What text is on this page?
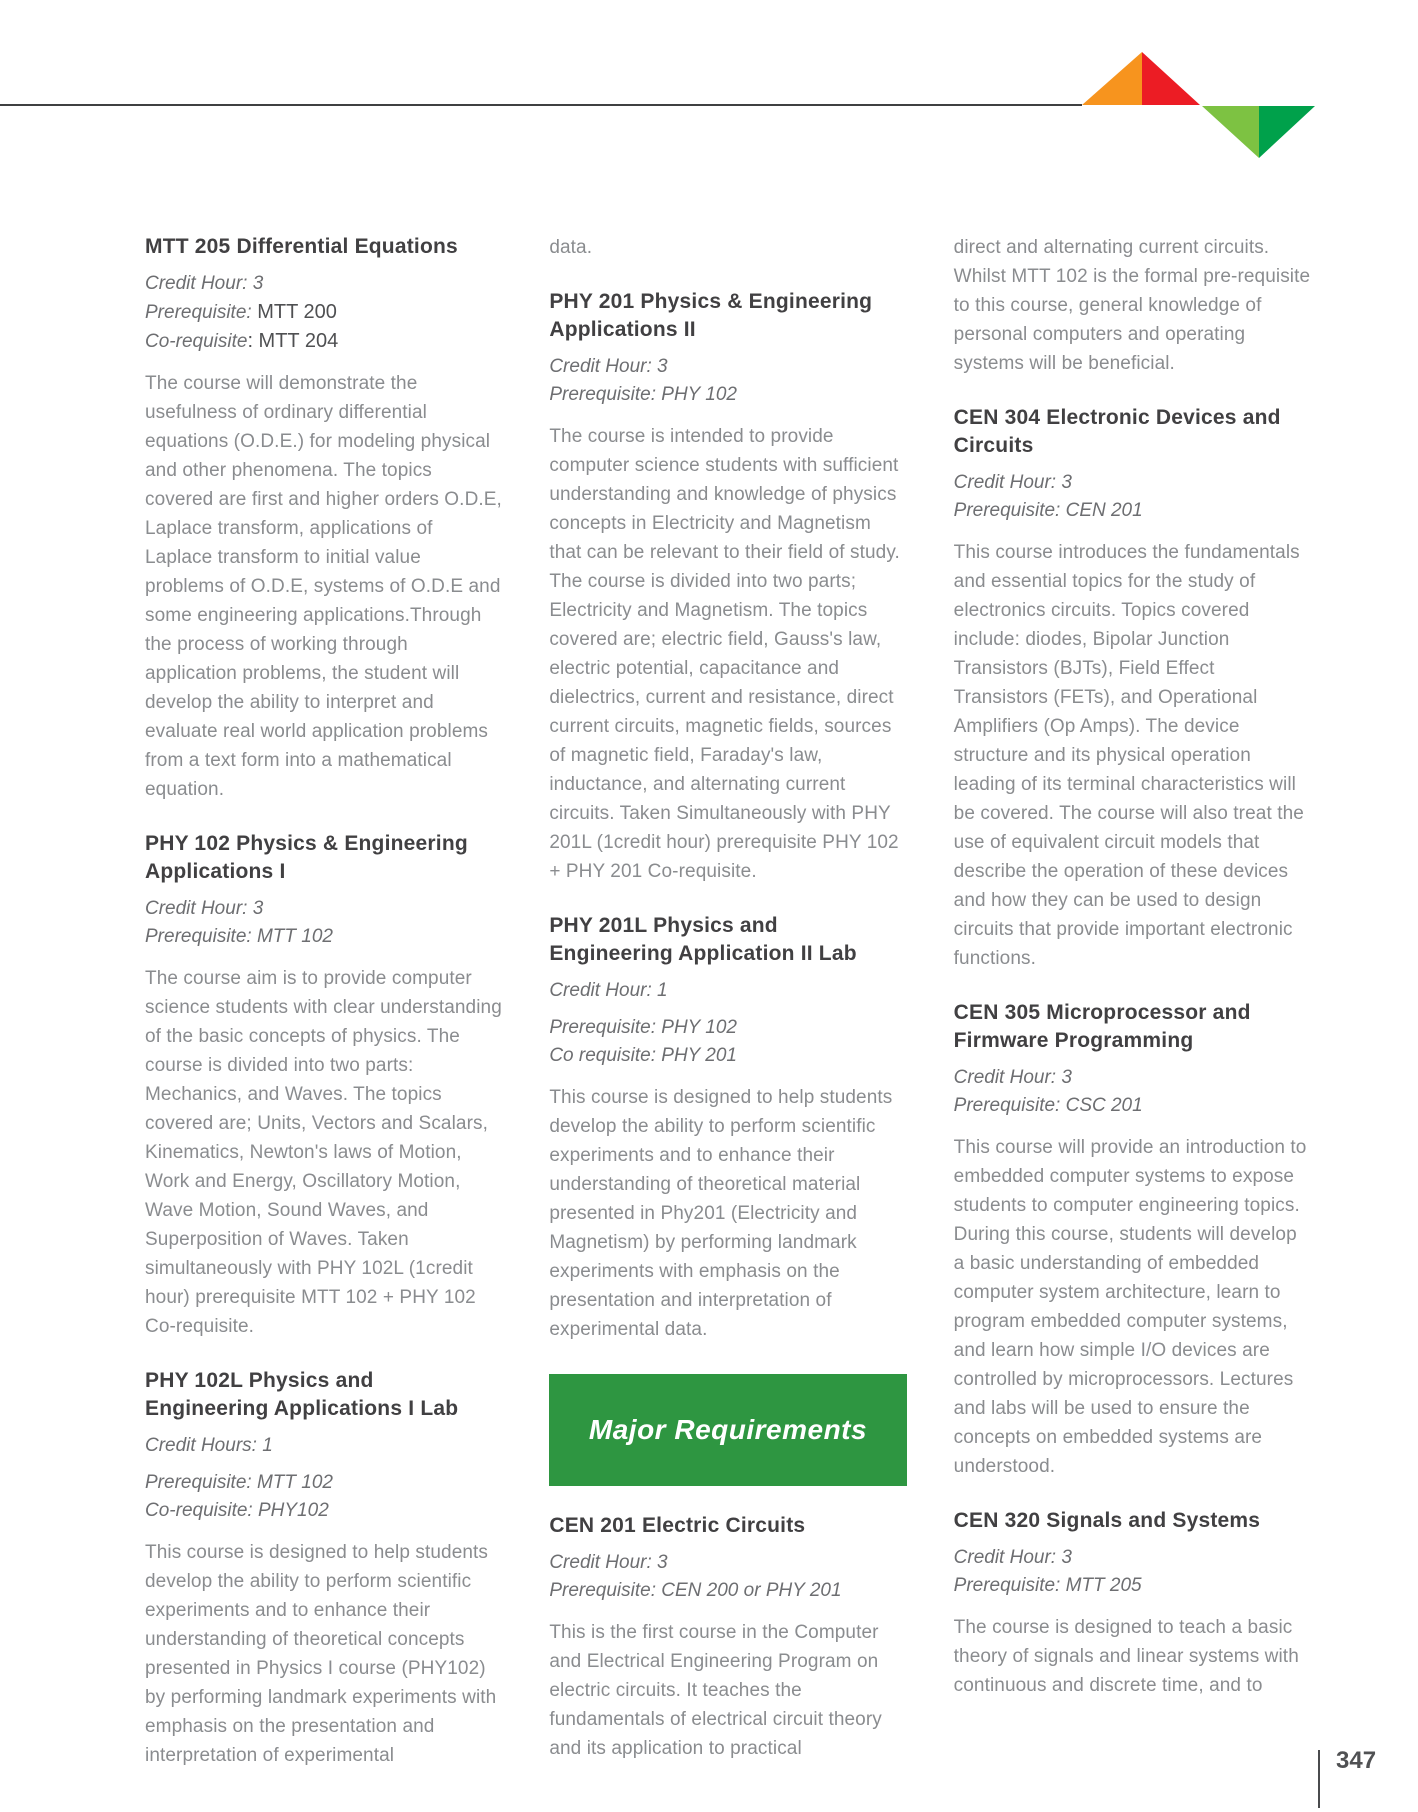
MTT 205 Differential Equations
Credit Hour: 3
Prerequisite: MTT 200
Co-requisite: MTT 204

The course will demonstrate the usefulness of ordinary differential equations (O.D.E.) for modeling physical and other phenomena. The topics covered are first and higher orders O.D.E, Laplace transform, applications of Laplace transform to initial value problems of O.D.E, systems of O.D.E and some engineering applications.Through the process of working through application problems, the student will develop the ability to interpret and evaluate real world application problems from a text form into a mathematical equation.

PHY 102 Physics & Engineering Applications I
Credit Hour: 3
Prerequisite: MTT 102

The course aim is to provide computer science students with clear understanding of the basic concepts of physics. The course is divided into two parts: Mechanics, and Waves. The topics covered are; Units, Vectors and Scalars, Kinematics, Newton's laws of Motion, Work and Energy, Oscillatory Motion, Wave Motion, Sound Waves, and Superposition of Waves. Taken simultaneously with PHY 102L (1credit hour) prerequisite MTT 102 + PHY 102 Co-requisite.

PHY 102L Physics and Engineering Applications I Lab
Credit Hours: 1
Prerequisite: MTT 102
Co-requisite: PHY102

This course is designed to help students develop the ability to perform scientific experiments and to enhance their understanding of theoretical concepts presented in Physics I course (PHY102) by performing landmark experiments with emphasis on the presentation and interpretation of experimental

data.

PHY 201 Physics & Engineering Applications II
Credit Hour: 3
Prerequisite: PHY 102

The course is intended to provide computer science students with sufficient understanding and knowledge of physics concepts in Electricity and Magnetism that can be relevant to their field of study. The course is divided into two parts; Electricity and Magnetism. The topics covered are; electric field, Gauss's law, electric potential, capacitance and dielectrics, current and resistance, direct current circuits, magnetic fields, sources of magnetic field, Faraday's law, inductance, and alternating current circuits. Taken Simultaneously with PHY 201L (1credit hour) prerequisite PHY 102 + PHY 201 Co-requisite.

PHY 201L Physics and Engineering Application II Lab
Credit Hour: 1
Prerequisite: PHY 102
Co requisite: PHY 201

This course is designed to help students develop the ability to perform scientific experiments and to enhance their understanding of theoretical material presented in Phy201 (Electricity and Magnetism) by performing landmark experiments with emphasis on the presentation and interpretation of experimental data.

Major Requirements
CEN 201 Electric Circuits
Credit Hour: 3
Prerequisite: CEN 200 or PHY 201

This is the first course in the Computer and Electrical Engineering Program on electric circuits. It teaches the fundamentals of electrical circuit theory and its application to practical

direct and alternating current circuits. Whilst MTT 102 is the formal pre-requisite to this course, general knowledge of personal computers and operating systems will be beneficial.

CEN 304 Electronic Devices and Circuits
Credit Hour: 3
Prerequisite: CEN 201

This course introduces the fundamentals and essential topics for the study of electronics circuits. Topics covered include: diodes, Bipolar Junction Transistors (BJTs), Field Effect Transistors (FETs), and Operational Amplifiers (Op Amps). The device structure and its physical operation leading of its terminal characteristics will be covered. The course will also treat the use of equivalent circuit models that describe the operation of these devices and how they can be used to design circuits that provide important electronic functions.

CEN 305 Microprocessor and Firmware Programming
Credit Hour: 3
Prerequisite: CSC 201

This course will provide an introduction to embedded computer systems to expose students to computer engineering topics. During this course, students will develop a basic understanding of embedded computer system architecture, learn to program embedded computer systems, and learn how simple I/O devices are controlled by microprocessors. Lectures and labs will be used to ensure the concepts on embedded systems are understood.

CEN 320 Signals and Systems
Credit Hour: 3
Prerequisite: MTT 205

The course is designed to teach a basic theory of signals and linear systems with continuous and discrete time, and to

347
